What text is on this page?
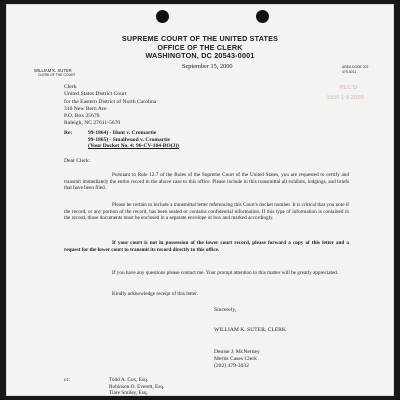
SUPREME COURT OF THE UNITED STATES
OFFICE OF THE CLERK
WASHINGTON, DC 20543-0001
WILLIAM K. SUTER
CLERK OF THE COURT
AREA CODE 202
479-3011
REC'D
SEP 1 8 2000
September 15, 2000
Clerk
United States District Court
for the Eastern District of North Carolina
310 New Bern Ave
P.O. Box 25670
Raleigh, NC 27611-5670
Re:	99-1864) - Hunt v. Cromartie
99-1865) - Smallwood v. Cromartie
(Your Docket No. 4: 96-CV-104-BO(3))
Dear Clerk:

Pursuant to Rule 12.7 of the Rules of the Supreme Court of the United States, you are requested to certify and transmit immediately the entire record in the above case to this office. Please include in this transmittal all exhibits, lodgings, and briefs that have been filed.

Please be certain to include a transmittal letter referencing this Court's docket number. It is critical that you note if the record, or any portion of the record, has been sealed or contains confidential information. If this type of information is contained in the record, those documents must be enclosed in a separate envelope or box and marked accordingly.

If your court is not in possession of the lower court record, please forward a copy of this letter and a request for the lower court to transmit its record directly to this office.

If you have any questions please contact me. Your prompt attention to this matter will be greatly appreciated.

Kindly acknowledge receipt of this letter.

Sincerely,
WILLIAM K. SUTER, CLERK
Denise J. McNerney
Merits Cases Clerk
(202) 479-3032
cc:	Todd A. Cox, Esq.
Robinson O. Everett, Esq.
Tiare Smiley, Esq.
